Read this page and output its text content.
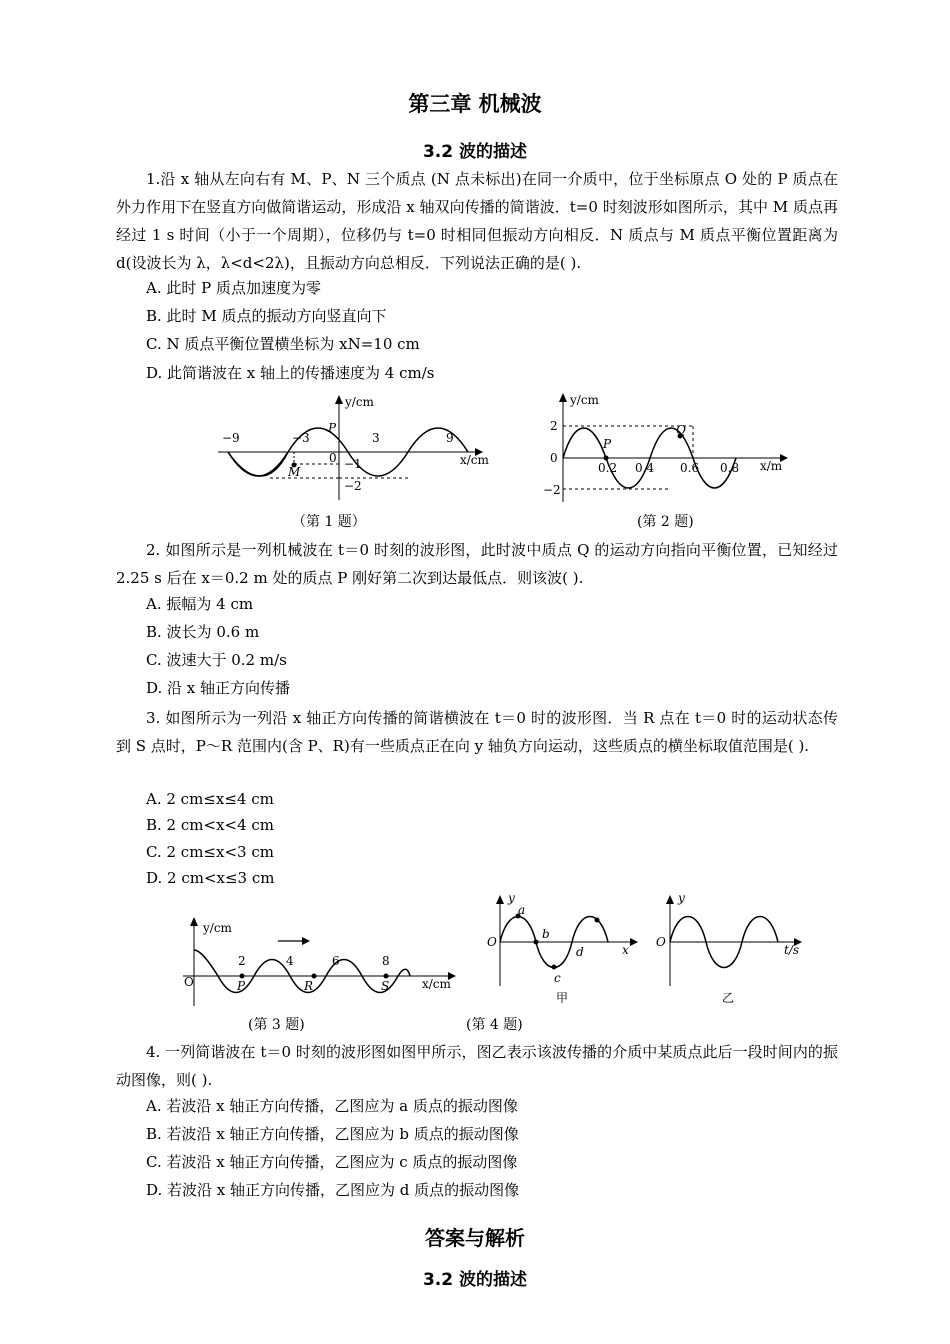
第三章 机械波
3.2 波的描述
1.沿 x 轴从左向右有 M、P、N 三个质点 (N 点未标出)在同一介质中，位于坐标原点 O 处的 P 质点在外力作用下在竖直方向做简谐运动，形成沿 x 轴双向传播的简谐波．t=0 时刻波形如图所示，其中 M 质点再经过 1 s 时间（小于一个周期），位移仍与 t=0 时相同但振动方向相反．N 质点与 M 质点平衡位置距离为 d(设波长为 λ，λ<d<2λ)，且振动方向总相反．下列说法正确的是( ).
A. 此时 P 质点加速度为零
B. 此时 M 质点的振动方向竖直向下
C. N 质点平衡位置横坐标为 xN=10 cm
D. 此简谐波在 x 轴上的传播速度为 4 cm/s
y/cm
x/cm
−9	−3	3	9
0 −1
−2
P
M
（第 1 题）
y/cm
x/m
2
0
−2
0.2 0.4 0.6 0.8
P
Q
(第 2 题)
2. 如图所示是一列机械波在 t＝0 时刻的波形图，此时波中质点 Q 的运动方向指向平衡位置，已知经过 2.25 s 后在 x＝0.2 m 处的质点 P 刚好第二次到达最低点．则该波( ).
A. 振幅为 4 cm
B. 波长为 0.6 m
C. 波速大于 0.2 m/s
D. 沿 x 轴正方向传播
3. 如图所示为一列沿 x 轴正方向传播的简谐横波在 t＝0 时的波形图．当 R 点在 t＝0 时的运动状态传到 S 点时，P～R 范围内(含 P、R)有一些质点正在向 y 轴负方向运动，这些质点的横坐标取值范围是( ).
A. 2 cm≤x≤4 cm
B. 2 cm<x<4 cm
C. 2 cm≤x<3 cm
D. 2 cm<x≤3 cm
y/cm
x/cm
2	4	6	8
O	P	R	S
(第 3 题)
y
x
O
a
b
c
d
甲
y
t/s
O
乙
(第 4 题)
4. 一列简谐波在 t＝0 时刻的波形图如图甲所示，图乙表示该波传播的介质中某质点此后一段时间内的振动图像，则( ).
A. 若波沿 x 轴正方向传播，乙图应为 a 质点的振动图像
B. 若波沿 x 轴正方向传播，乙图应为 b 质点的振动图像
C. 若波沿 x 轴正方向传播，乙图应为 c 质点的振动图像
D. 若波沿 x 轴正方向传播，乙图应为 d 质点的振动图像
答案与解析
3.2 波的描述
